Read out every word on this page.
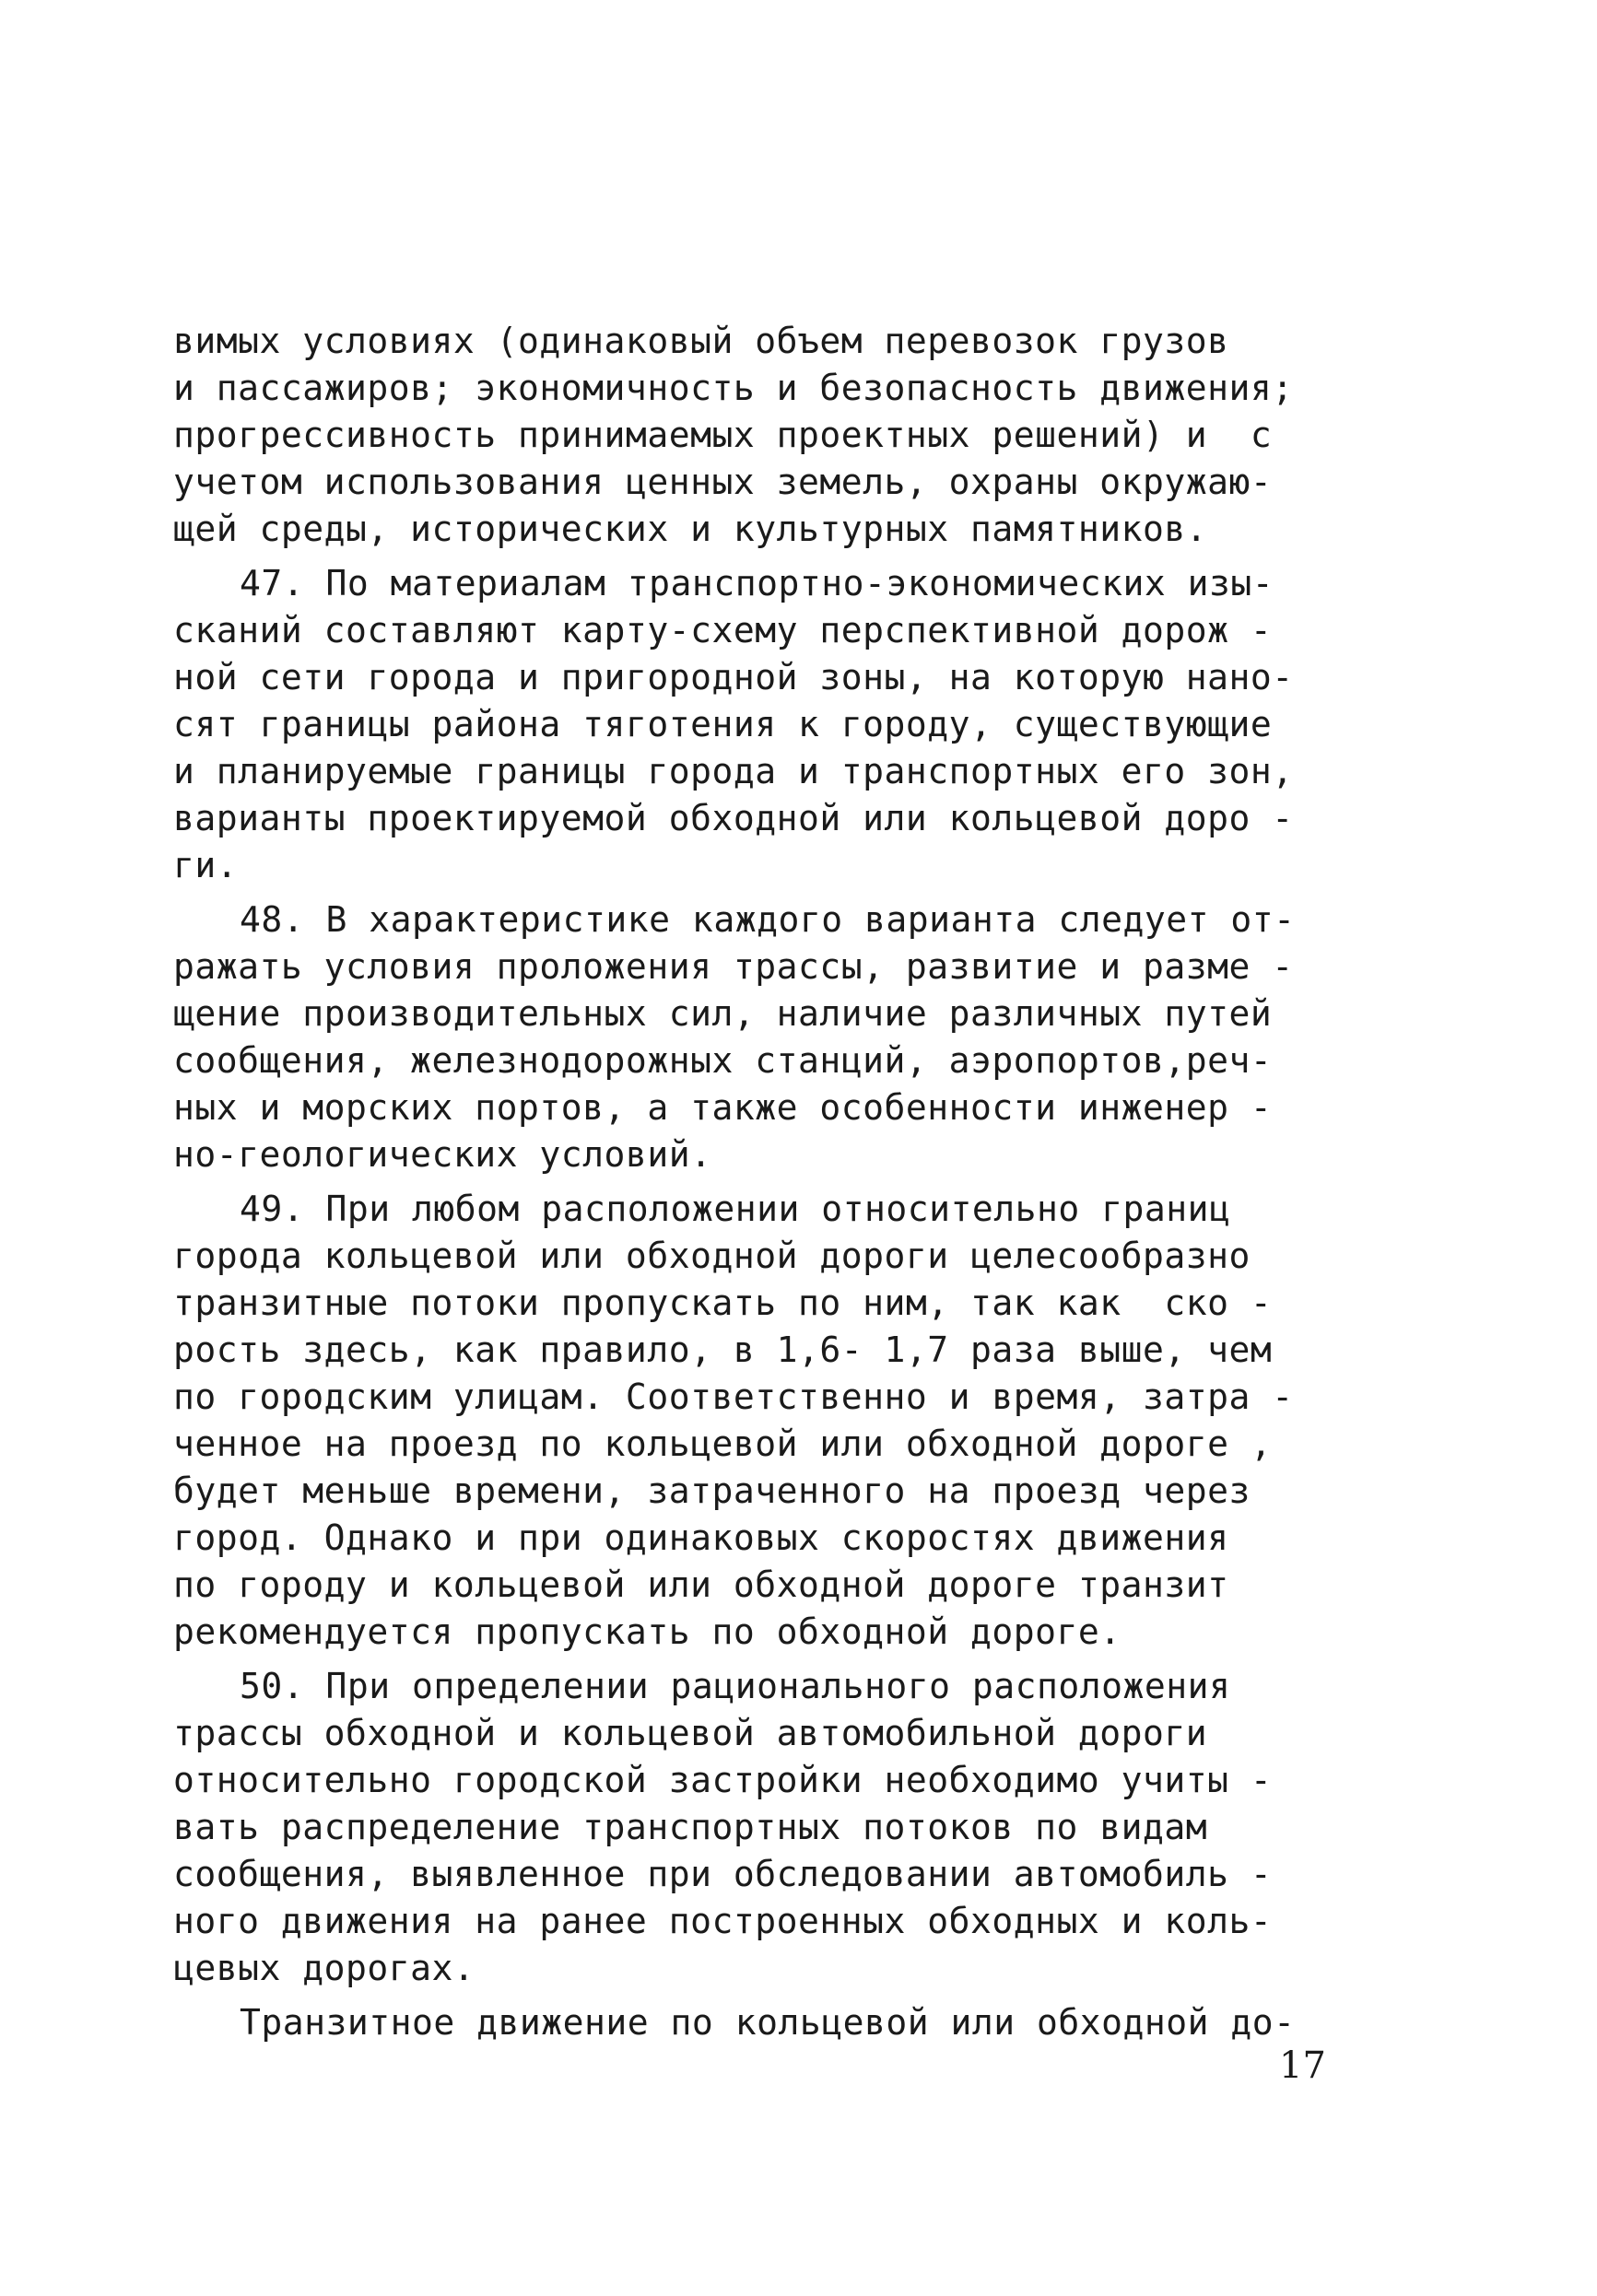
вимых условиях (одинаковый объем перевозок грузов
и пассажиров; экономичность и безопасность движения;
прогрессивность принимаемых проектных решений) и  с
учетом использования ценных земель, охраны окружаю-
щей среды, исторических и культурных памятников.
47. По материалам транспортно-экономических изы-
сканий составляют карту-схему перспективной дорож -
ной сети города и пригородной зоны, на которую нано-
сят границы района тяготения к городу, существующие
и планируемые границы города и транспортных его зон,
варианты проектируемой обходной или кольцевой доро -
ги.
48. В характеристике каждого варианта следует от-
ражать условия проложения трассы, развитие и разме -
щение производительных сил, наличие различных путей
сообщения, железнодорожных станций, аэропортов,реч-
ных и морских портов, а также особенности инженер -
но-геологических условий.
49. При любом расположении относительно границ
города кольцевой или обходной дороги целесообразно
транзитные потоки пропускать по ним, так как  ско -
рость здесь, как правило, в 1,6- 1,7 раза выше, чем
по городским улицам. Соответственно и время, затра -
ченное на проезд по кольцевой или обходной дороге ,
будет меньше времени, затраченного на проезд через
город. Однако и при одинаковых скоростях движения
по городу и кольцевой или обходной дороге транзит
рекомендуется пропускать по обходной дороге.
50. При определении рационального расположения
трассы обходной и кольцевой автомобильной дороги
относительно городской застройки необходимо учиты -
вать распределение транспортных потоков по видам
сообщения, выявленное при обследовании автомобиль -
ного движения на ранее построенных обходных и коль-
цевых дорогах.
Транзитное движение по кольцевой или обходной до-
17
